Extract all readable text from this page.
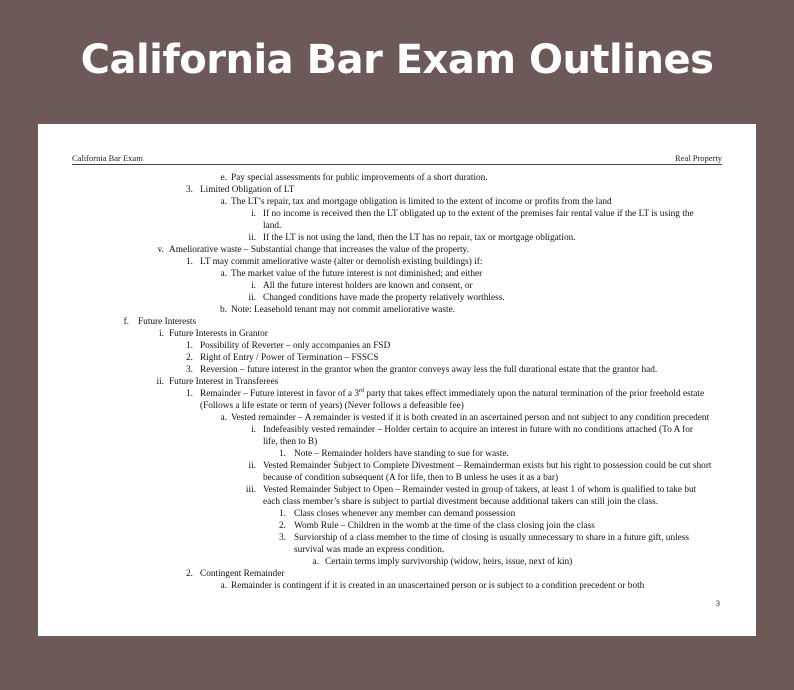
California Bar Exam Outlines
California Bar Exam	Real Property
e. Pay special assessments for public improvements of a short duration.
3. Limited Obligation of LT
a. The LT’s repair, tax and mortgage obligation is limited to the extent of income or profits from the land
i. If no income is received then the LT obligated up to the extent of the premises fair rental value if the LT is using the
land.
ii. If the LT is not using the land, then the LT has no repair, tax or mortgage obligation.
v. Ameliorative waste – Substantial change that increases the value of the property.
1. LT may commit ameliorative waste (alter or demolish existing buildings) if:
a. The market value of the future interest is not diminished; and either
i. All the future interest holders are known and consent, or
ii. Changed conditions have made the property relatively worthless.
b. Note: Leasehold tenant may not commit ameliorative waste.
f. Future Interests
i. Future Interests in Grantor
1. Possibility of Reverter – only accompanies an FSD
2. Right of Entry / Power of Termination – FSSCS
3. Reversion – future interest in the grantor when the grantor conveys away less the full durational estate that the grantor had.
ii. Future Interest in Transferees
1. Remainder – Future interest in favor of a 3rd party that takes effect immediately upon the natural termination of the prior freehold estate
(Follows a life estate or term of years) (Never follows a defeasible fee)
a. Vested remainder – A remainder is vested if it is both created in an ascertained person and not subject to any condition precedent
i. Indefeasibly vested remainder – Holder certain to acquire an interest in future with no conditions attached (To A for
life, then to B)
1. Note – Remainder holders have standing to sue for waste.
ii. Vested Remainder Subject to Complete Divestment – Remainderman exists but his right to possession could be cut short
because of condition subsequent (A for life, then to B unless he uses it as a bar)
iii. Vested Remainder Subject to Open – Remainder vested in group of takers, at least 1 of whom is qualified to take but
each class member’s share is subject to partial divestment because additional takers can still join the class.
1. Class closes whenever any member can demand possession
2. Womb Rule – Children in the womb at the time of the class closing join the class
3. Surviorship of a class member to the time of closing is usually unnecessary to share in a future gift, unless
survival was made an express condition.
a. Certain terms imply survivorship (widow, heirs, issue, next of kin)
2. Contingent Remainder
a. Remainder is contingent if it is created in an unascertained person or is subject to a condition precedent or both
3
